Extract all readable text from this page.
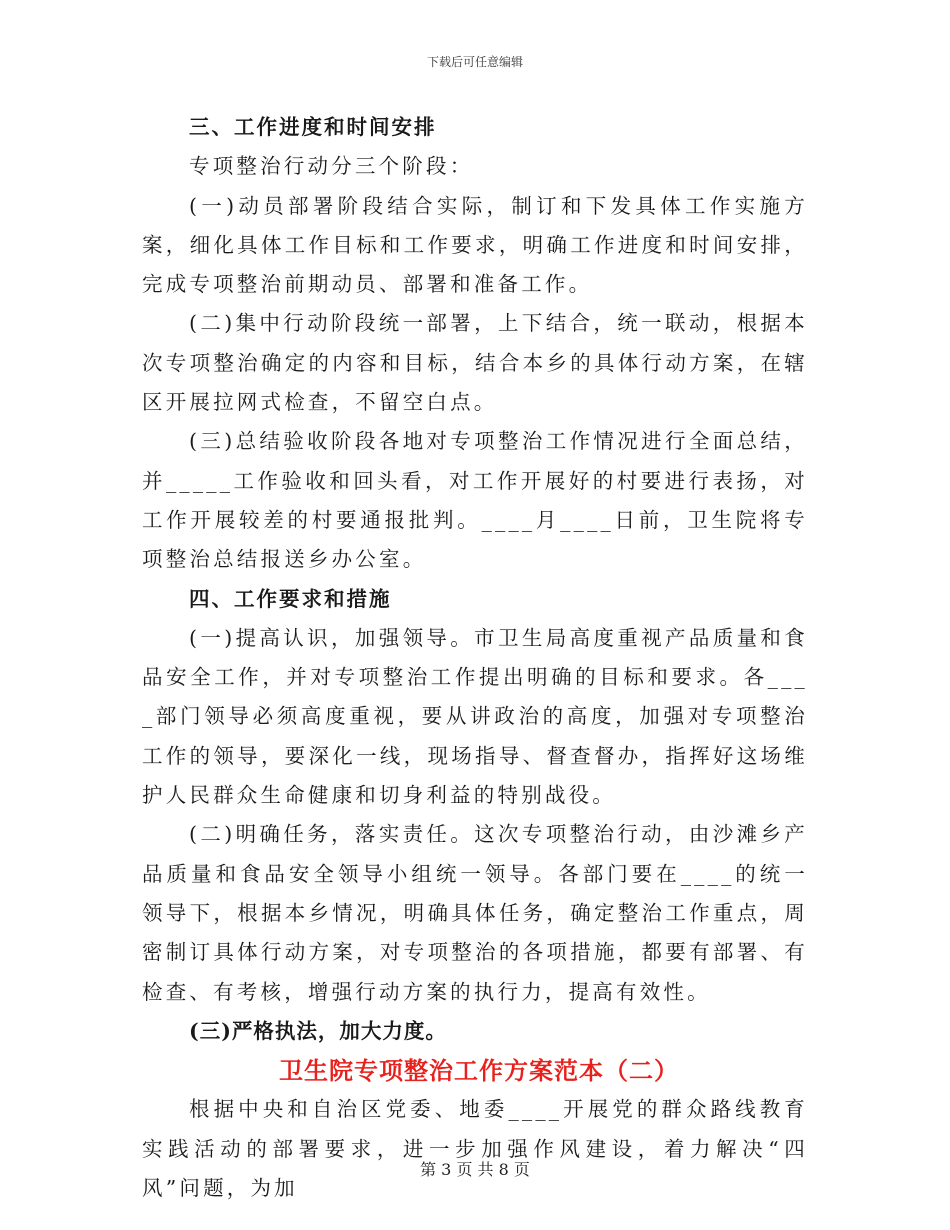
下载后可任意编辑

三、工作进度和时间安排

专项整治行动分三个阶段：

(一)动员部署阶段结合实际，制订和下发具体工作实施方案，细化具体工作目标和工作要求，明确工作进度和时间安排，完成专项整治前期动员、部署和准备工作。

(二)集中行动阶段统一部署，上下结合，统一联动，根据本次专项整治确定的内容和目标，结合本乡的具体行动方案，在辖区开展拉网式检查，不留空白点。

(三)总结验收阶段各地对专项整治工作情况进行全面总结，并_____工作验收和回头看，对工作开展好的村要进行表扬，对工作开展较差的村要通报批判。____月____日前，卫生院将专项整治总结报送乡办公室。

四、工作要求和措施

(一)提高认识，加强领导。市卫生局高度重视产品质量和食品安全工作，并对专项整治工作提出明确的目标和要求。各____部门领导必须高度重视，要从讲政治的高度，加强对专项整治工作的领导，要深化一线，现场指导、督查督办，指挥好这场维护人民群众生命健康和切身利益的特别战役。

(二)明确任务，落实责任。这次专项整治行动，由沙滩乡产品质量和食品安全领导小组统一领导。各部门要在____的统一领导下，根据本乡情况，明确具体任务，确定整治工作重点，周密制订具体行动方案，对专项整治的各项措施，都要有部署、有检查、有考核，增强行动方案的执行力，提高有效性。

(三)严格执法，加大力度。

卫生院专项整治工作方案范本（二）

根据中央和自治区党委、地委____开展党的群众路线教育实践活动的部署要求，进一步加强作风建设，着力解决“四风”问题，为加

第 3 页 共 8 页
